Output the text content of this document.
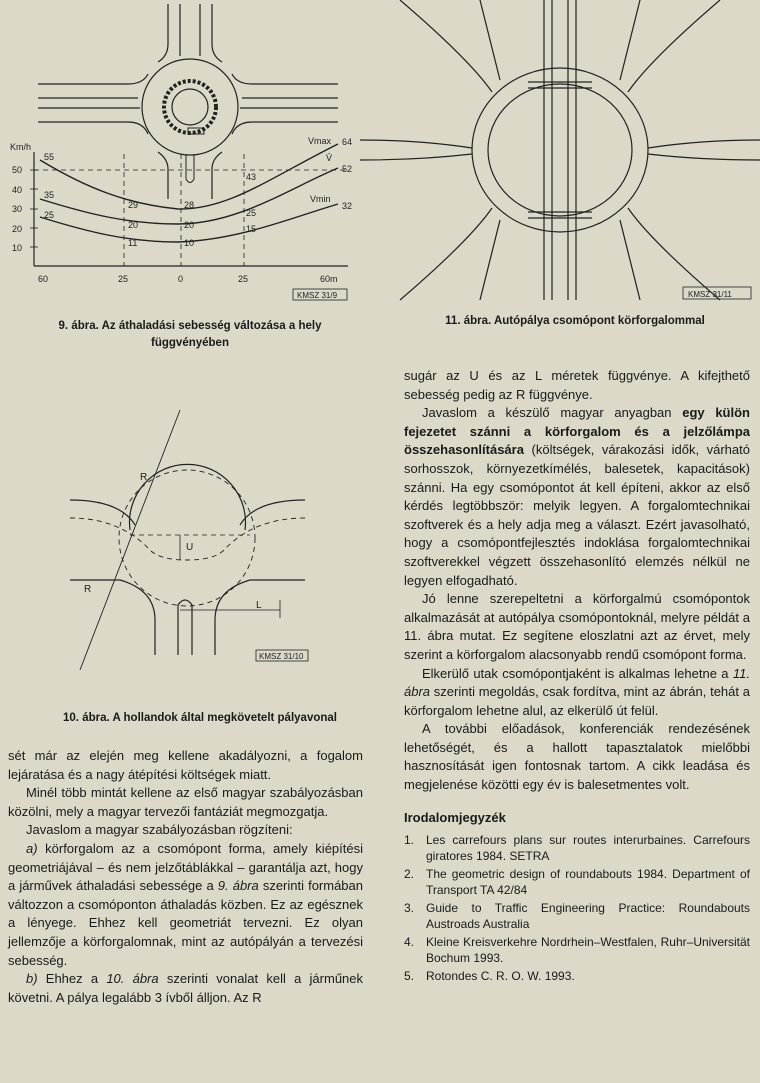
Km/h
10
20
30
40
50
60	25	0	25	60m
Vmax
V̄
Vmin
55
35
25
29
20
11
28
20
10
43
25
15
64
52
32
KMSZ 31/9
9. ábra. Az áthaladási sebesség változása a hely
függvényében
KMSZ 31/11
11. ábra. Autópálya csomópont körforgalommal
R
R
U
L
KMSZ 31/10
10. ábra. A hollandok által megkövetelt pályavonal

sét már az elején meg kellene akadályozni, a fogalom lejáratása és a nagy átépítési költségek miatt.

Minél több mintát kellene az első magyar szabályozásban közölni, mely a magyar tervezői fantáziát megmozgatja.

Javaslom a magyar szabályozásban rögzíteni:

a) körforgalom az a csomópont forma, amely kiépítési geometriájával – és nem jelzőtáblákkal – garantálja azt, hogy a járművek áthaladási sebessége a 9. ábra szerinti formában változzon a csomóponton áthaladás közben. Ez az egésznek a lényege. Ehhez kell geometriát tervezni. Ez olyan jellemzője a körforgalomnak, mint az autópályán a tervezési sebesség.

b) Ehhez a 10. ábra szerinti vonalat kell a járműnek követni. A pálya legalább 3 ívből álljon. Az R

sugár az U és az L méretek függvénye. A kifejthető sebesség pedig az R függvénye.

Javaslom a készülő magyar anyagban egy külön fejezetet szánni a körforgalom és a jelzőlámpa összehasonlítására (költségek, várakozási idők, várható sorhosszok, környezetkímélés, balesetek, kapacitások) szánni. Ha egy csomópontot át kell építeni, akkor az első kérdés legtöbbször: melyik legyen. A forgalomtechnikai szoftverek és a hely adja meg a választ. Ezért javasolható, hogy a csomópontfejlesztés indoklása forgalomtechnikai szoftverekkel végzett összehasonlító elemzés nélkül ne legyen elfogadható.

Jó lenne szerepeltetni a körforgalmú csomópontok alkalmazását at autópálya csomópontoknál, melyre példát a 11. ábra mutat. Ez segítene eloszlatni azt az érvet, mely szerint a körforgalom alacsonyabb rendű csomópont forma.

Elkerülő utak csomópontjaként is alkalmas lehetne a 11. ábra szerinti megoldás, csak fordítva, mint az ábrán, tehát a körforgalom lehetne alul, az elkerülő út felül.

A további előadások, konferenciák rendezésének lehetőségét, és a hallott tapasztalatok mielőbbi hasznosítását igen fontosnak tartom. A cikk leadása és megjelenése közötti egy év is balesetmentes volt.

Irodalomjegyzék
1. Les carrefours plans sur routes interurbaines. Carrefours giratores 1984. SETRA
2. The geometric design of roundabouts 1984. Department of Transport TA 42/84
3. Guide to Traffic Engineering Practice: Roundabouts Austroads Australia
4. Kleine Kreisverkehre Nordrhein–Westfalen, Ruhr–Universität Bochum 1993.
5. Rotondes C. R. O. W. 1993.
